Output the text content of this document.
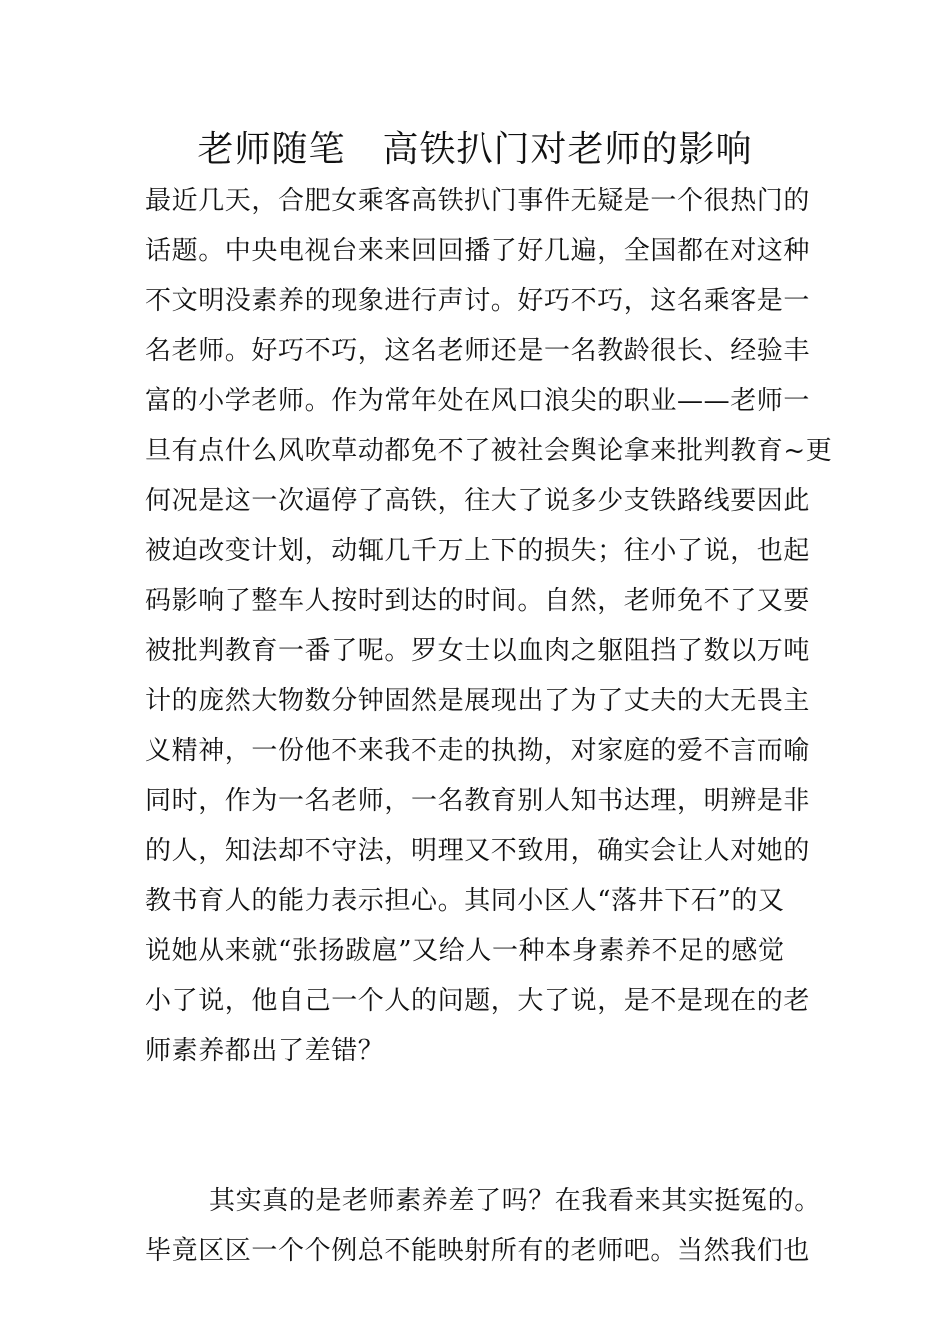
老师随笔　高铁扒门对老师的影响
最近几天，合肥女乘客高铁扒门事件无疑是一个很热门的
话题。中央电视台来来回回播了好几遍，全国都在对这种
不文明没素养的现象进行声讨。好巧不巧，这名乘客是一
名老师。好巧不巧，这名老师还是一名教龄很长、经验丰
富的小学老师。作为常年处在风口浪尖的职业——老师一
旦有点什么风吹草动都免不了被社会舆论拿来批判教育~更
何况是这一次逼停了高铁，往大了说多少支铁路线要因此
被迫改变计划，动辄几千万上下的损失；往小了说，也起
码影响了整车人按时到达的时间。自然，老师免不了又要
被批判教育一番了呢。罗女士以血肉之躯阻挡了数以万吨
计的庞然大物数分钟固然是展现出了为了丈夫的大无畏主
义精神，一份他不来我不走的执拗，对家庭的爱不言而喻
同时，作为一名老师，一名教育别人知书达理，明辨是非
的人，知法却不守法，明理又不致用，确实会让人对她的
教书育人的能力表示担心。其同小区人“落井下石”的又
说她从来就“张扬跋扈”又给人一种本身素养不足的感觉
小了说，他自己一个人的问题，大了说，是不是现在的老
师素养都出了差错？
其实真的是老师素养差了吗？在我看来其实挺冤的。
毕竟区区一个个例总不能映射所有的老师吧。当然我们也
